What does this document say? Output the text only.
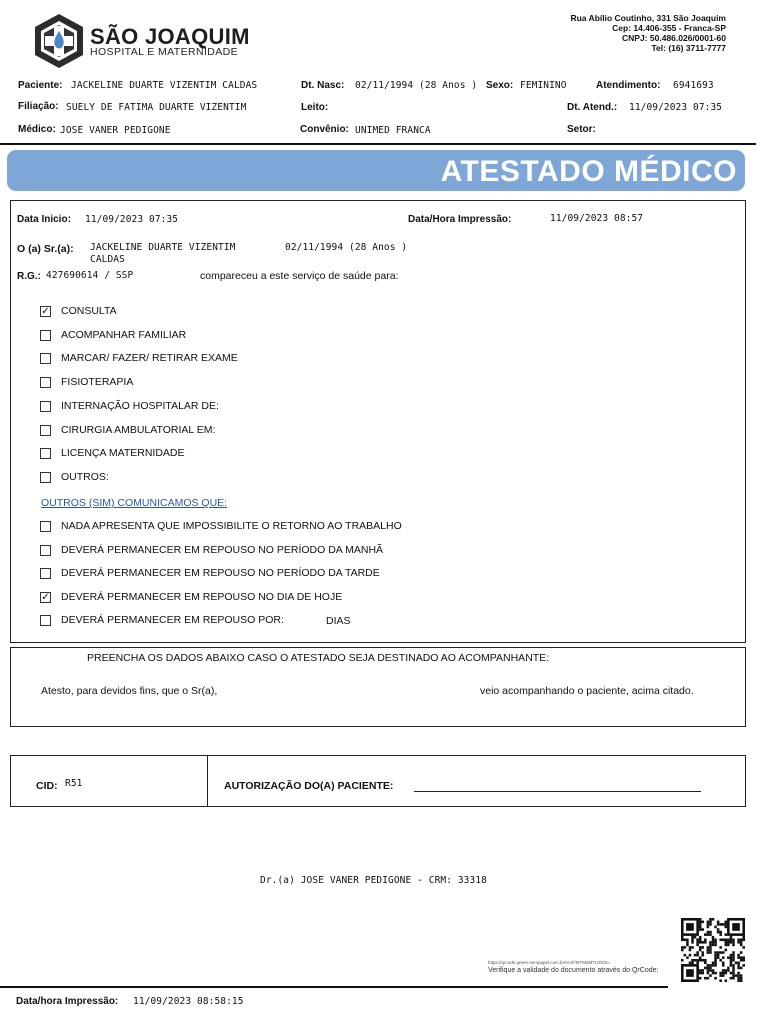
SÃO JOAQUIM
HOSPITAL E MATERNIDADE
Rua Abílio Coutinho, 331 São Joaquim
Cep: 14.406-355 - Franca-SP
CNPJ: 50.486.026/0001-60
Tel: (16) 3711-7777
Paciente: JACKELINE DUARTE VIZENTIM CALDAS	Dt. Nasc: 02/11/1994 (28 Anos ) Sexo: FEMININO	Atendimento: 6941693
Filiação: SUELY DE FATIMA DUARTE VIZENTIM	Leito:	Dt. Atend.: 11/09/2023 07:35
Médico: JOSE VANER PEDIGONE	Convênio: UNIMED FRANCA	Setor:
ATESTADO MÉDICO
Data Inicio: 11/09/2023 07:35	Data/Hora Impressão:	11/09/2023 08:57
O (a) Sr.(a): JACKELINE DUARTE VIZENTIM
CALDAS
02/11/1994 (28 Anos )
R.G.: 427690614 / SSP	compareceu a este serviço de saúde para:
✓ CONSULTA
ACOMPANHAR FAMILIAR
MARCAR/ FAZER/ RETIRAR EXAME
FISIOTERAPIA
INTERNAÇÃO HOSPITALAR DE:
CIRURGIA AMBULATORIAL EM:
LICENÇA MATERNIDADE
OUTROS:
OUTROS (SIM) COMUNICAMOS QUE:
NADA APRESENTA QUE IMPOSSIBILITE O RETORNO AO TRABALHO
DEVERÁ PERMANECER EM REPOUSO NO PERÍODO DA MANHÃ
DEVERÁ PERMANECER EM REPOUSO NO PERÍODO DA TARDE
✓ DEVERÁ PERMANECER EM REPOUSO NO DIA DE HOJE
DEVERÁ PERMANECER EM REPOUSO POR:	DIAS
PREENCHA OS DADOS ABAIXO CASO O ATESTADO SEJA DESTINADO AO ACOMPANHANTE:
Atesto, para devidos fins, que o Sr(a),	veio acompanhando o paciente, acima citado.
CID: R51	AUTORIZAÇÃO DO(A) PACIENTE:
Dr.(a) JOSE VANER PEDIGONE - CRM: 33318
https://qrcode.green-sempapel.com.br/HUF/MTM0MTI2ODk=
Verifique a validade do documento através do QrCode:
Data/hora Impressão: 11/09/2023 08:58:15
